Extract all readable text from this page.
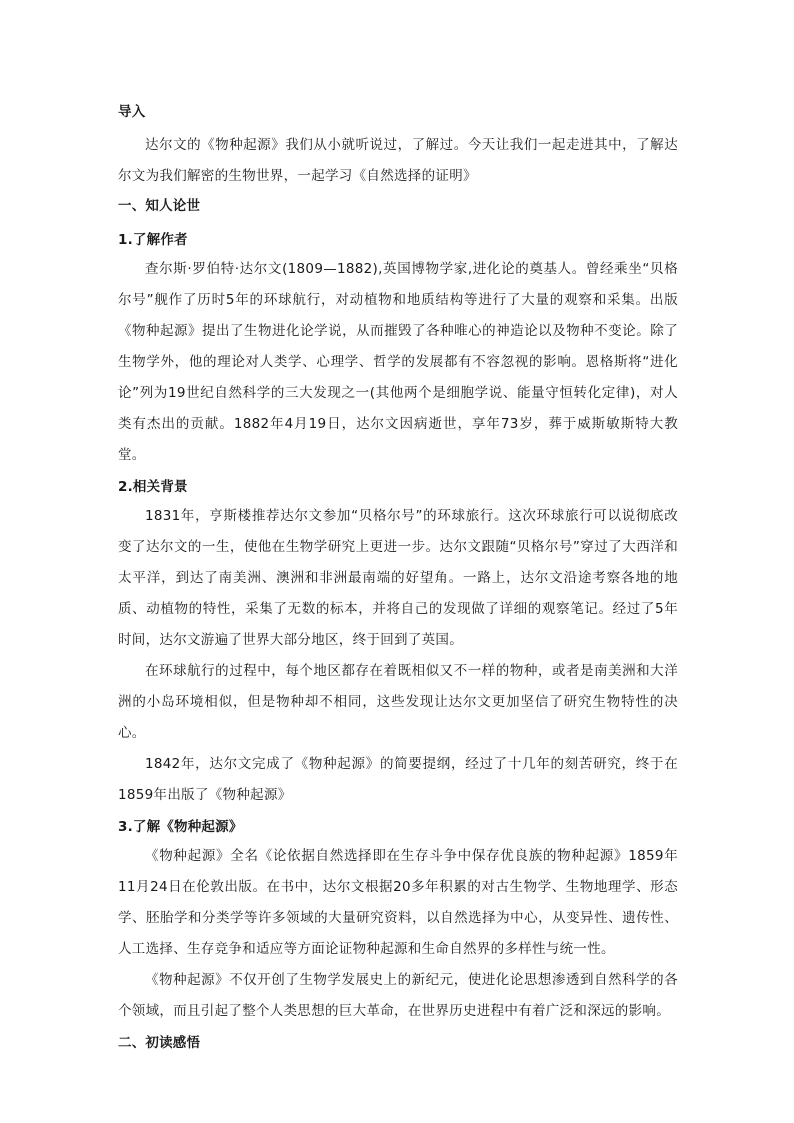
导入

达尔文的《物种起源》我们从小就听说过，了解过。今天让我们一起走进其中，了解达尔文为我们解密的生物世界，一起学习《自然选择的证明》

一、知人论世

1.了解作者

查尔斯·罗伯特·达尔文(1809—1882),英国博物学家,进化论的奠基人。曾经乘坐“贝格尔号”舰作了历时5年的环球航行，对动植物和地质结构等进行了大量的观察和采集。出版《物种起源》提出了生物进化论学说，从而摧毁了各种唯心的神造论以及物种不变论。除了生物学外，他的理论对人类学、心理学、哲学的发展都有不容忽视的影响。恩格斯将“进化论”列为19世纪自然科学的三大发现之一(其他两个是细胞学说、能量守恒转化定律)，对人类有杰出的贡献。1882年4月19日，达尔文因病逝世，享年73岁，葬于威斯敏斯特大教堂。

2.相关背景

1831年，亨斯楼推荐达尔文参加“贝格尔号”的环球旅行。这次环球旅行可以说彻底改变了达尔文的一生，使他在生物学研究上更进一步。达尔文跟随“贝格尔号”穿过了大西洋和太平洋，到达了南美洲、澳洲和非洲最南端的好望角。一路上，达尔文沿途考察各地的地质、动植物的特性，采集了无数的标本，并将自己的发现做了详细的观察笔记。经过了5年时间，达尔文游遍了世界大部分地区，终于回到了英国。

在环球航行的过程中，每个地区都存在着既相似又不一样的物种，或者是南美洲和大洋洲的小岛环境相似，但是物种却不相同，这些发现让达尔文更加坚信了研究生物特性的决心。

1842年，达尔文完成了《物种起源》的简要提纲，经过了十几年的刻苦研究，终于在1859年出版了《物种起源》

3.了解《物种起源》

《物种起源》全名《论依据自然选择即在生存斗争中保存优良族的物种起源》1859年11月24日在伦敦出版。在书中，达尔文根据20多年积累的对古生物学、生物地理学、形态学、胚胎学和分类学等许多领域的大量研究资料，以自然选择为中心，从变异性、遗传性、人工选择、生存竞争和适应等方面论证物种起源和生命自然界的多样性与统一性。

《物种起源》不仅开创了生物学发展史上的新纪元，使进化论思想渗透到自然科学的各个领域，而且引起了整个人类思想的巨大革命，在世界历史进程中有着广泛和深远的影响。

二、初读感悟
